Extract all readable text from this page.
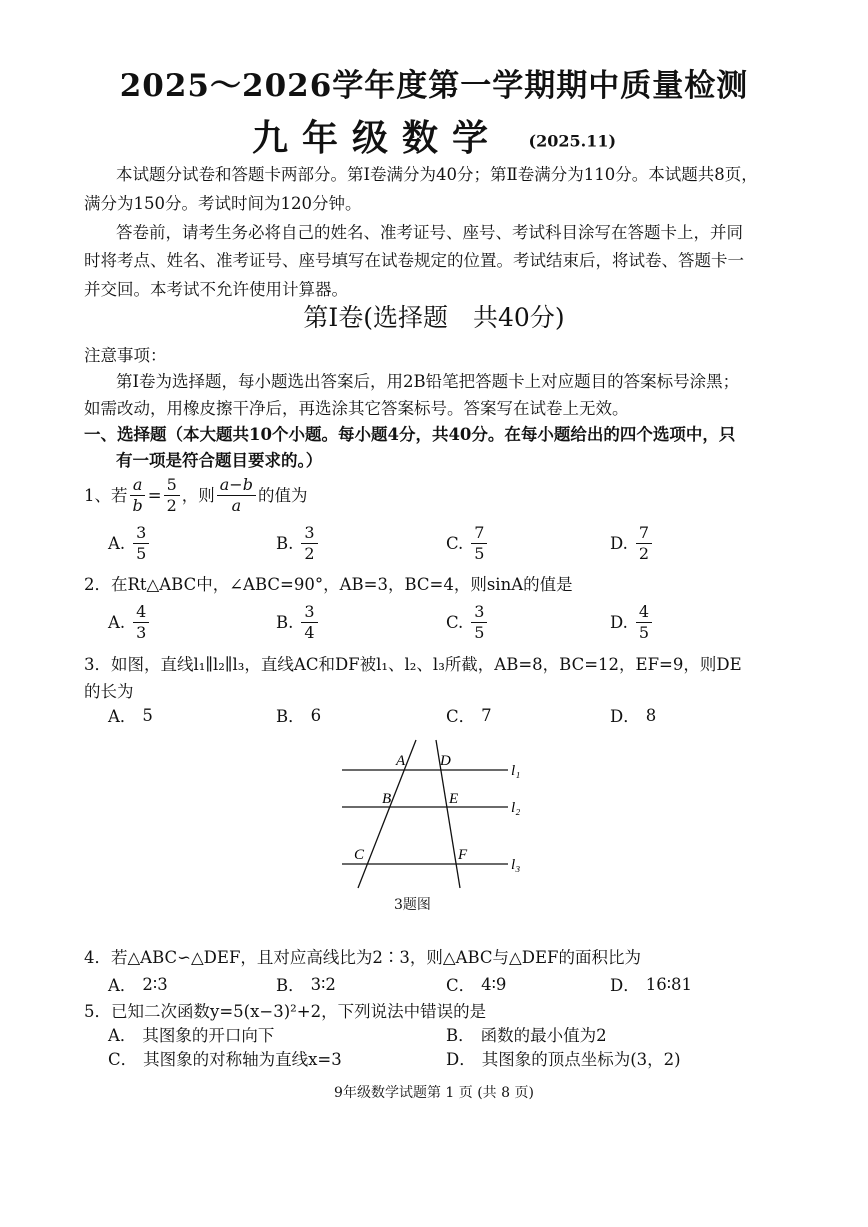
2025～2026学年度第一学期期中质量检测
九年级数学 (2025.11)
本试题分试卷和答题卡两部分。第Ⅰ卷满分为40分；第Ⅱ卷满分为110分。本试题共8页，
满分为150分。考试时间为120分钟。
答卷前，请考生务必将自己的姓名、准考证号、座号、考试科目涂写在答题卡上，并同
时将考点、姓名、准考证号、座号填写在试卷规定的位置。考试结束后，将试卷、答题卡一
并交回。本考试不允许使用计算器。
第Ⅰ卷(选择题　共40分)
注意事项：
第Ⅰ卷为选择题，每小题选出答案后，用2B铅笔把答题卡上对应题目的答案标号涂黑；
如需改动，用橡皮擦干净后，再选涂其它答案标号。答案写在试卷上无效。
一、选择题（本大题共10个小题。每小题4分，共40分。在每小题给出的四个选项中，只
有一项是符合题目要求的。）
1、若 $\frac{a}{b} = \frac{5}{2}$ ，则 $\frac{a-b}{a}$ 的值为
A. $\frac{3}{5}$	B. $\frac{3}{2}$	C. $\frac{7}{5}$	D. $\frac{7}{2}$
2．在Rt△ABC中，∠ABC=90°，AB=3，BC=4，则sinA的值是
A. $\frac{4}{3}$	B. $\frac{3}{4}$	C. $\frac{3}{5}$	D. $\frac{4}{5}$
3．如图，直线l₁∥l₂∥l₃，直线AC和DF被l₁、l₂、l₃所截，AB=8，BC=12，EF=9，则DE
的长为
A． 5	B． 6	C． 7	D． 8
A D
B	E
C	F
l₁
l₂
l₃
3题图
4．若△ABC∽△DEF，且对应高线比为2∶3，则△ABC与△DEF的面积比为
A． 2∶3	B． 3∶2	C． 4∶9	D． 16∶81
5．已知二次函数y=5(x−3)²+2，下列说法中错误的是
A． 其图象的开口向下	B． 函数的最小值为2
C． 其图象的对称轴为直线x=3	D． 其图象的顶点坐标为(3，2)
9年级数学试题第 1 页 (共 8 页)
